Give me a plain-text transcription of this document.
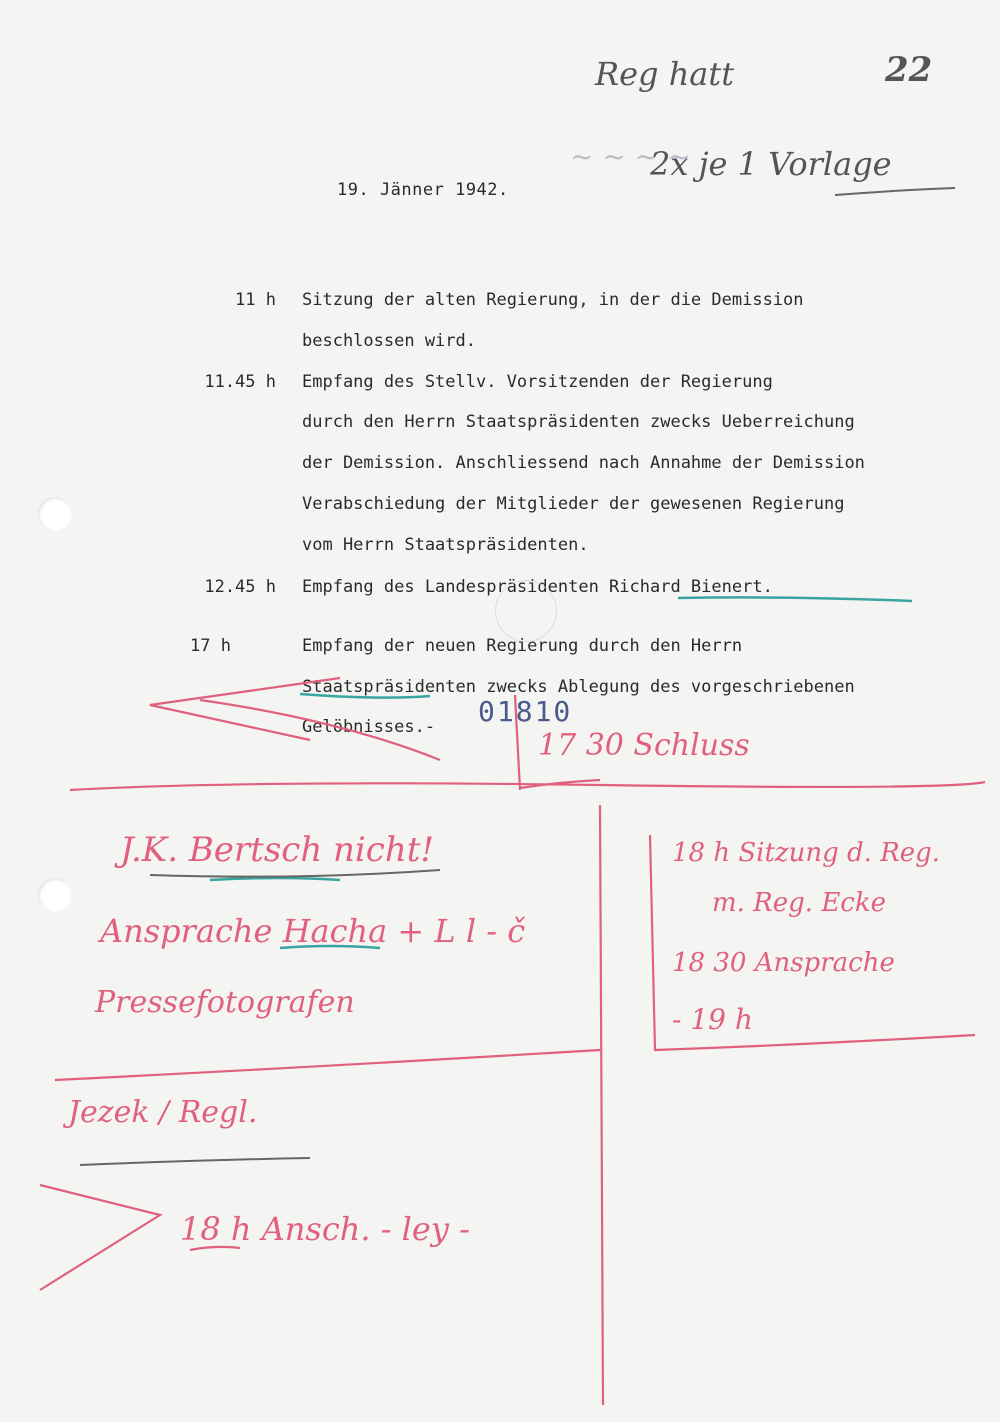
~ ~ ~ ~
19. Jänner 1942.
11 h Sitzung der alten Regierung, in der die Demission
beschlossen wird.
11.45 h Empfang des Stellv. Vorsitzenden der Regierung
durch den Herrn Staatspräsidenten zwecks Ueberreichung
der Demission. Anschliessend nach Annahme der Demission
Verabschiedung der Mitglieder der gewesenen Regierung
vom Herrn Staatspräsidenten.
12.45 h Empfang des Landespräsidenten Richard Bienert.
17 h	Empfang der neuen Regierung durch den Herrn
Staatspräsidenten zwecks Ablegung des vorgeschriebenen
Gelöbnisses.- 01810
Reg hatt	22
2x je 1 Vorlage
17 30 Schluss
J.K. Bertsch nicht!
Ansprache Hacha + L l - č
Pressefotografen
18 h Sitzung d. Reg.
m. Reg. Ecke
18 30 Ansprache
- 19 h
Jezek / Regl.
18 h Ansch. - ley -
